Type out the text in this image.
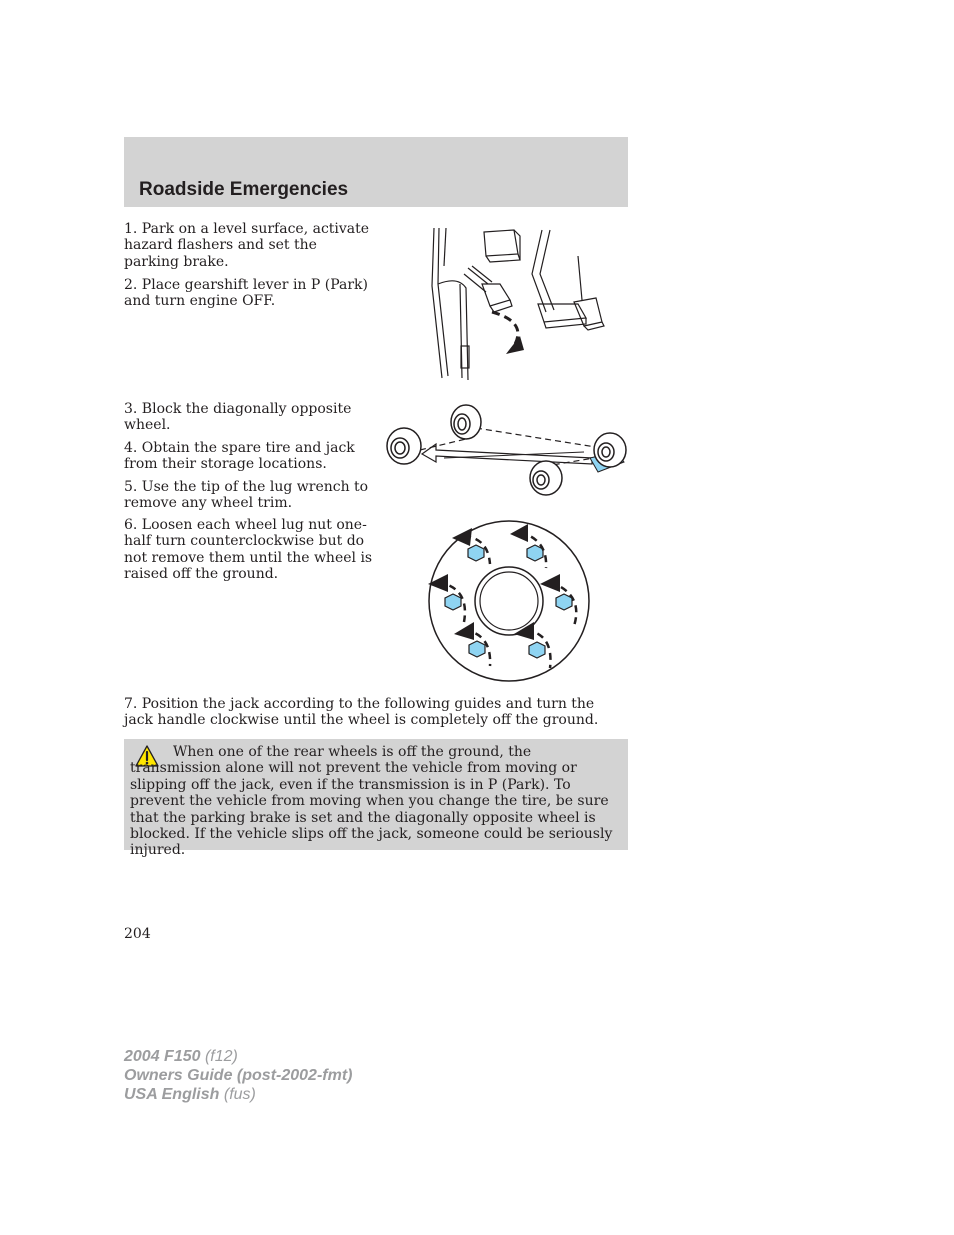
Roadside Emergencies

1. Park on a level surface, activate hazard flashers and set the parking brake.

2. Place gearshift lever in P (Park) and turn engine OFF.

3. Block the diagonally opposite wheel.

4. Obtain the spare tire and jack from their storage locations.

5. Use the tip of the lug wrench to remove any wheel trim.

6. Loosen each wheel lug nut one-half turn counterclockwise but do not remove them until the wheel is raised off the ground.

7. Position the jack according to the following guides and turn the jack handle clockwise until the wheel is completely off the ground.

When one of the rear wheels is off the ground, the transmission alone will not prevent the vehicle from moving or slipping off the jack, even if the transmission is in P (Park). To prevent the vehicle from moving when you change the tire, be sure that the parking brake is set and the diagonally opposite wheel is blocked. If the vehicle slips off the jack, someone could be seriously injured.

204
2004 F150 (f12)
Owners Guide (post-2002-fmt)
USA English (fus)
